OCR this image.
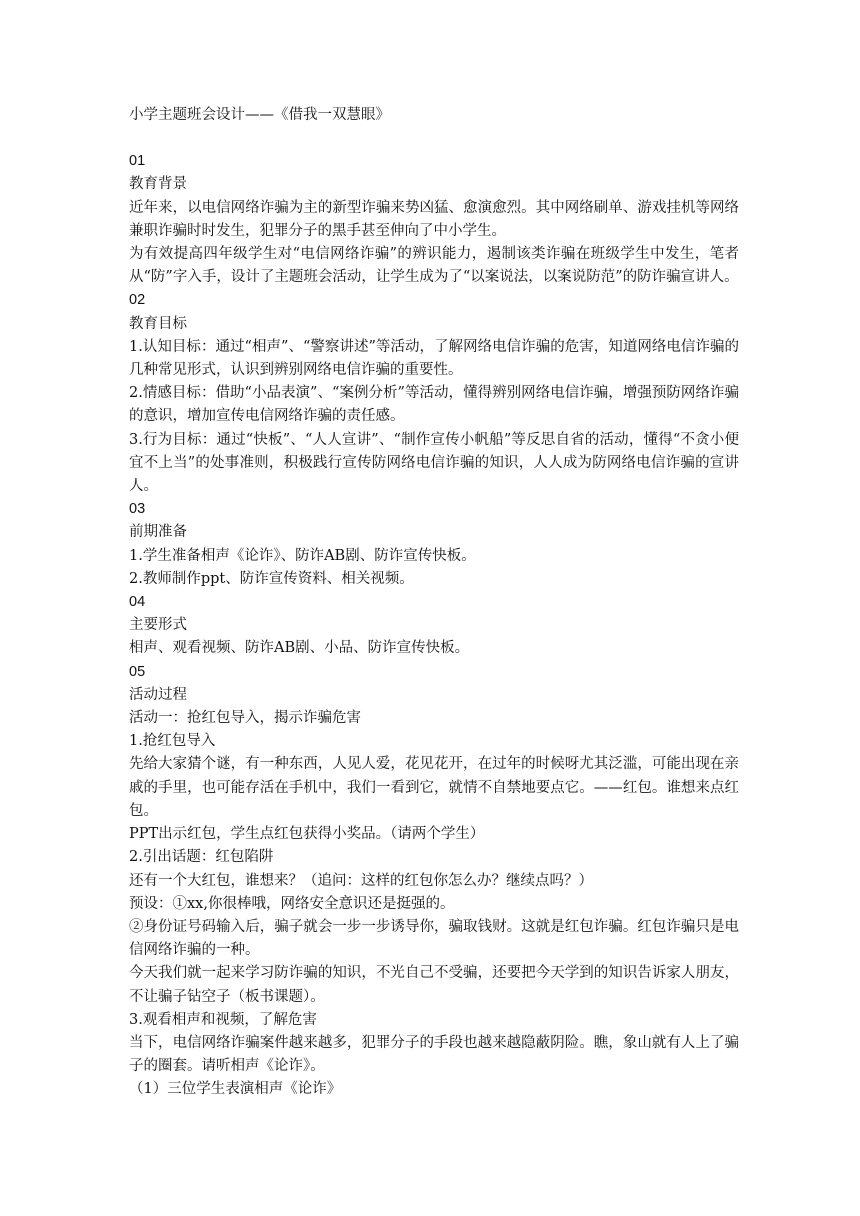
小学主题班会设计——《借我一双慧眼》

01

教育背景

近年来，以电信网络诈骗为主的新型诈骗来势凶猛、愈演愈烈。其中网络刷单、游戏挂机等网络兼职诈骗时时发生，犯罪分子的黑手甚至伸向了中小学生。

为有效提高四年级学生对“电信网络诈骗”的辨识能力，遏制该类诈骗在班级学生中发生，笔者从“防”字入手，设计了主题班会活动，让学生成为了“以案说法，以案说防范”的防诈骗宣讲人。

02

教育目标

1.认知目标：通过“相声”、“警察讲述”等活动，了解网络电信诈骗的危害，知道网络电信诈骗的几种常见形式，认识到辨别网络电信诈骗的重要性。

2.情感目标：借助“小品表演”、“案例分析”等活动，懂得辨别网络电信诈骗，增强预防网络诈骗的意识，增加宣传电信网络诈骗的责任感。

3.行为目标：通过“快板”、“人人宣讲”、“制作宣传小帆船”等反思自省的活动，懂得“不贪小便宜不上当”的处事准则，积极践行宣传防网络电信诈骗的知识，人人成为防网络电信诈骗的宣讲人。

03

前期准备

1.学生准备相声《论诈》、防诈AB剧、防诈宣传快板。

2.教师制作ppt、防诈宣传资料、相关视频。

04

主要形式

相声、观看视频、防诈AB剧、小品、防诈宣传快板。

05

活动过程

活动一：抢红包导入，揭示诈骗危害

1.抢红包导入

先给大家猜个谜，有一种东西，人见人爱，花见花开，在过年的时候呀尤其泛滥，可能出现在亲戚的手里，也可能存活在手机中，我们一看到它，就情不自禁地要点它。——红包。谁想来点红包。

PPT出示红包，学生点红包获得小奖品。（请两个学生）

2.引出话题：红包陷阱

还有一个大红包，谁想来？（追问：这样的红包你怎么办？继续点吗？）

预设：①xx,你很棒哦，网络安全意识还是挺强的。

②身份证号码输入后，骗子就会一步一步诱导你，骗取钱财。这就是红包诈骗。红包诈骗只是电信网络诈骗的一种。

今天我们就一起来学习防诈骗的知识，不光自己不受骗，还要把今天学到的知识告诉家人朋友，不让骗子钻空子（板书课题）。

3.观看相声和视频，了解危害

当下，电信网络诈骗案件越来越多，犯罪分子的手段也越来越隐蔽阴险。瞧，象山就有人上了骗子的圈套。请听相声《论诈》。

（1）三位学生表演相声《论诈》
